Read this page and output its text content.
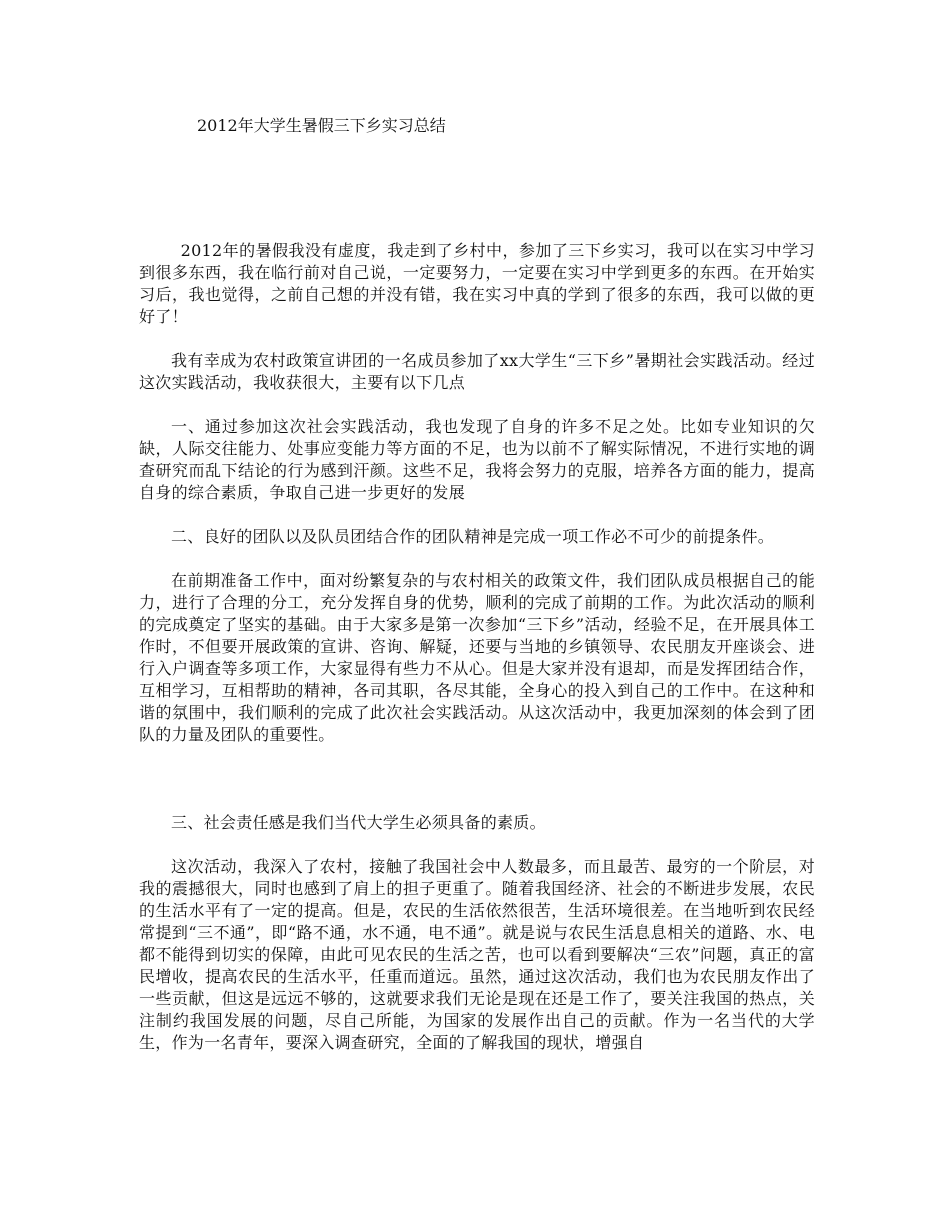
2012年大学生暑假三下乡实习总结

2012年的暑假我没有虚度，我走到了乡村中，参加了三下乡实习，我可以在实习中学习到很多东西，我在临行前对自己说，一定要努力，一定要在实习中学到更多的东西。在开始实习后，我也觉得，之前自己想的并没有错，我在实习中真的学到了很多的东西，我可以做的更好了！

我有幸成为农村政策宣讲团的一名成员参加了xx大学生“三下乡”暑期社会实践活动。经过这次实践活动，我收获很大，主要有以下几点

一、通过参加这次社会实践活动，我也发现了自身的许多不足之处。比如专业知识的欠缺，人际交往能力、处事应变能力等方面的不足，也为以前不了解实际情况，不进行实地的调查研究而乱下结论的行为感到汗颜。这些不足，我将会努力的克服，培养各方面的能力，提高自身的综合素质，争取自己进一步更好的发展

二、良好的团队以及队员团结合作的团队精神是完成一项工作必不可少的前提条件。

在前期准备工作中，面对纷繁复杂的与农村相关的政策文件，我们团队成员根据自己的能力，进行了合理的分工，充分发挥自身的优势，顺利的完成了前期的工作。为此次活动的顺利的完成奠定了坚实的基础。由于大家多是第一次参加“三下乡”活动，经验不足，在开展具体工作时，不但要开展政策的宣讲、咨询、解疑，还要与当地的乡镇领导、农民朋友开座谈会、进行入户调查等多项工作，大家显得有些力不从心。但是大家并没有退却，而是发挥团结合作，互相学习，互相帮助的精神，各司其职，各尽其能，全身心的投入到自己的工作中。在这种和谐的氛围中，我们顺利的完成了此次社会实践活动。从这次活动中，我更加深刻的体会到了团队的力量及团队的重要性。

三、社会责任感是我们当代大学生必须具备的素质。

这次活动，我深入了农村，接触了我国社会中人数最多，而且最苦、最穷的一个阶层，对我的震撼很大，同时也感到了肩上的担子更重了。随着我国经济、社会的不断进步发展，农民的生活水平有了一定的提高。但是，农民的生活依然很苦，生活环境很差。在当地听到农民经常提到“三不通”，即“路不通，水不通，电不通”。就是说与农民生活息息相关的道路、水、电都不能得到切实的保障，由此可见农民的生活之苦，也可以看到要解决“三农”问题，真正的富民增收，提高农民的生活水平，任重而道远。虽然，通过这次活动，我们也为农民朋友作出了一些贡献，但这是远远不够的，这就要求我们无论是现在还是工作了，要关注我国的热点，关注制约我国发展的问题，尽自己所能，为国家的发展作出自己的贡献。作为一名当代的大学生，作为一名青年，要深入调查研究，全面的了解我国的现状，增强自
